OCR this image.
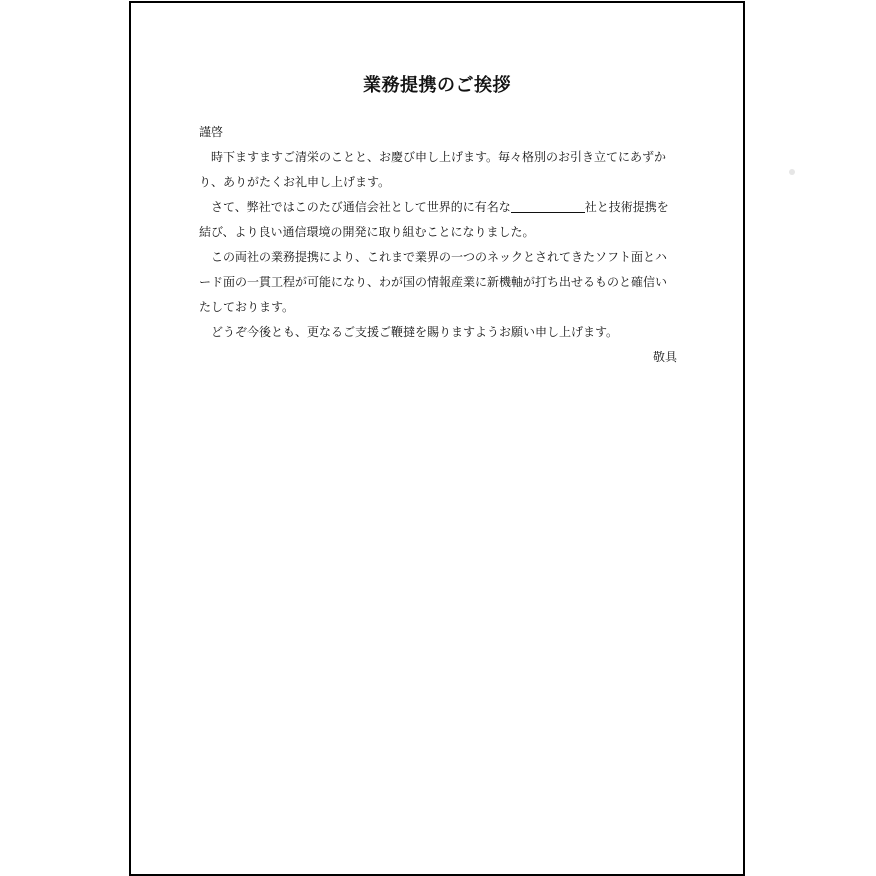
業務提携のご挨拶

謹啓

時下ますますご清栄のことと、お慶び申し上げます。毎々格別のお引き立てにあずかり、ありがたくお礼申し上げます。

さて、弊社ではこのたび通信会社として世界的に有名な	社と技術提携を結び、より良い通信環境の開発に取り組むことになりました。

この両社の業務提携により、これまで業界の一つのネックとされてきたソフト面とハード面の一貫工程が可能になり、わが国の情報産業に新機軸が打ち出せるものと確信いたしております。

どうぞ今後とも、更なるご支援ご鞭撻を賜りますようお願い申し上げます。

敬具
